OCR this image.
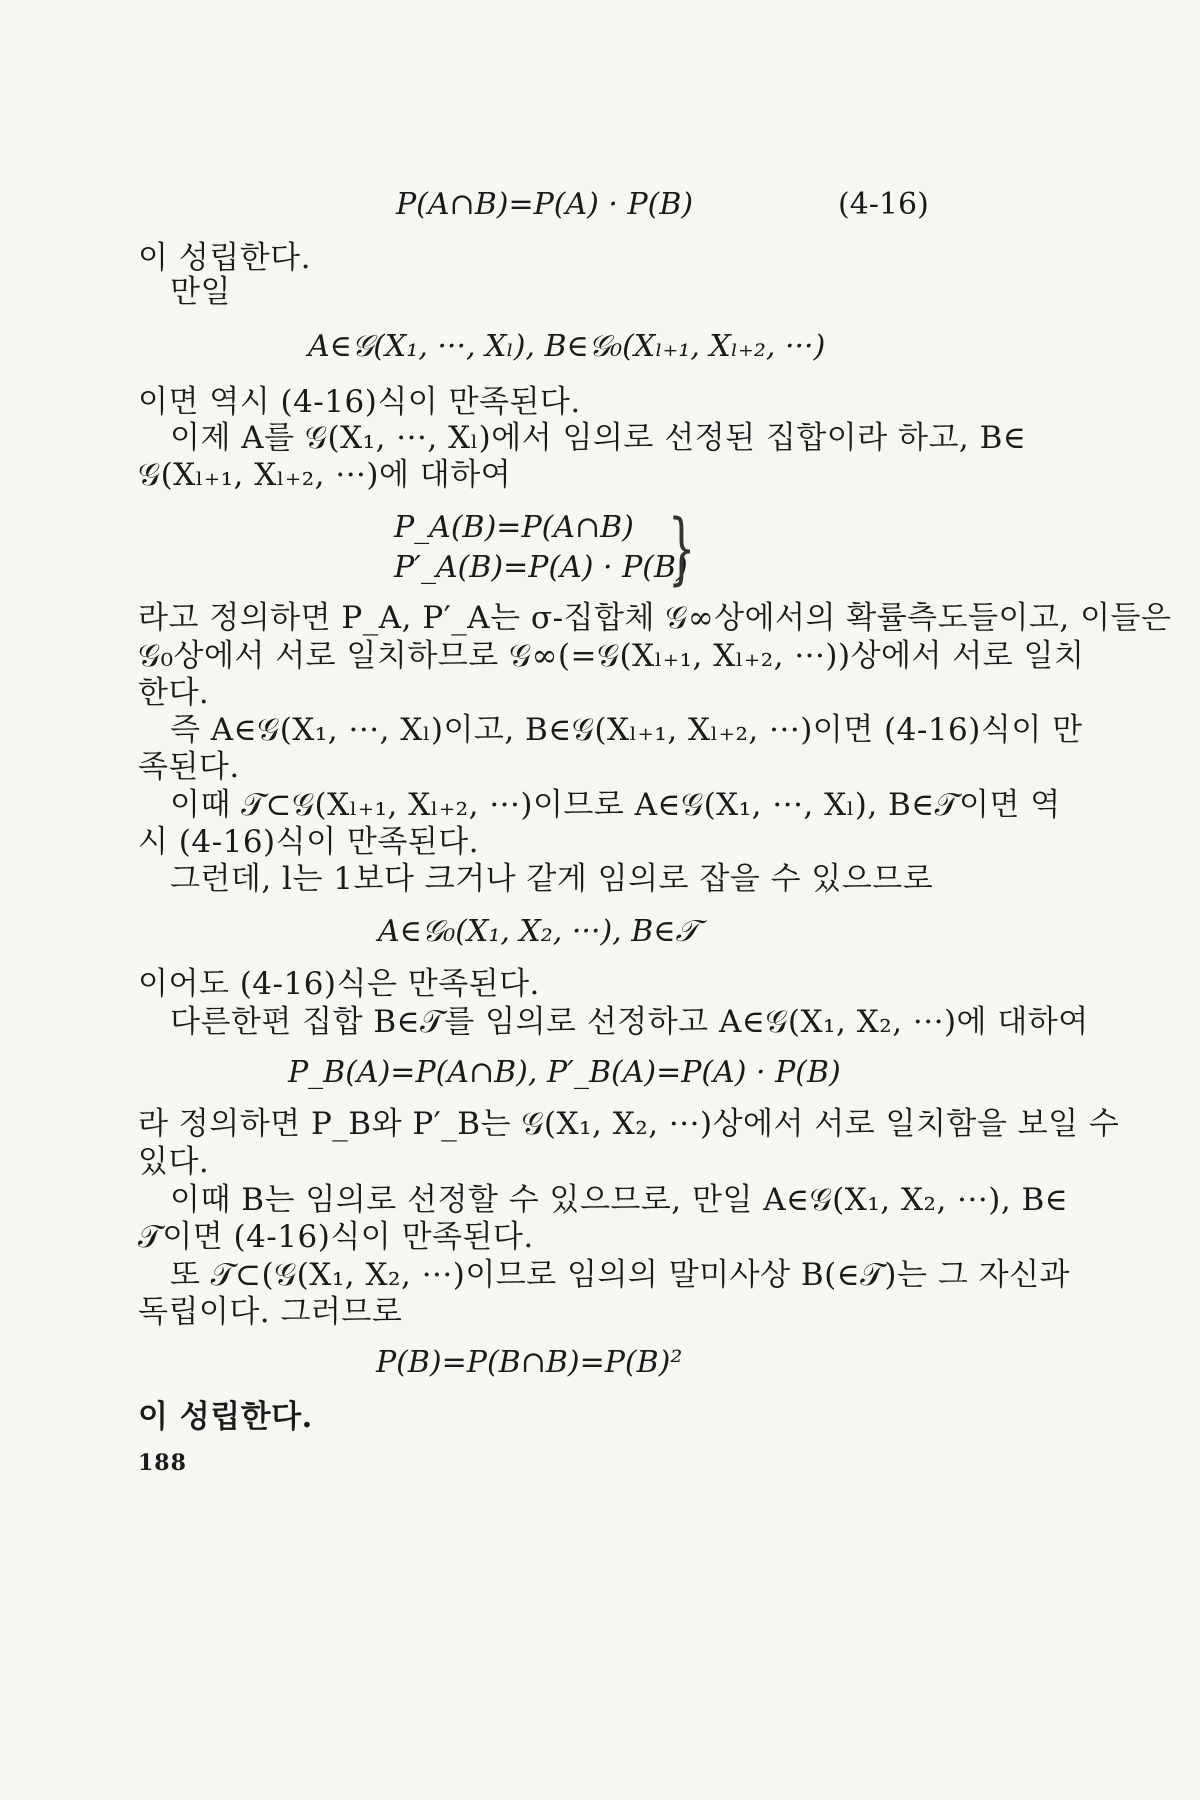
P(A∩B)=P(A) · P(B)	(4-16)
이 성립한다.
만일
A∈𝒢(X₁, ···, Xₗ), B∈𝒢₀(Xₗ₊₁, Xₗ₊₂, ···)
이면 역시 (4-16)식이 만족된다.
이제 A를 𝒢(X₁, ···, Xₗ)에서 임의로 선정된 집합이라 하고, B∈
𝒢(Xₗ₊₁, Xₗ₊₂, ···)에 대하여
P_A(B)=P(A∩B)
P′_A(B)=P(A) · P(B)
}
라고 정의하면 P_A, P′_A는 σ-집합체 𝒢∞상에서의 확률측도들이고, 이들은
𝒢₀상에서 서로 일치하므로 𝒢∞(=𝒢(Xₗ₊₁, Xₗ₊₂, ···))상에서 서로 일치
한다.
즉 A∈𝒢(X₁, ···, Xₗ)이고, B∈𝒢(Xₗ₊₁, Xₗ₊₂, ···)이면 (4-16)식이 만
족된다.
이때 𝒯⊂𝒢(Xₗ₊₁, Xₗ₊₂, ···)이므로 A∈𝒢(X₁, ···, Xₗ), B∈𝒯이면 역
시 (4-16)식이 만족된다.
그런데, l는 1보다 크거나 같게 임의로 잡을 수 있으므로
A∈𝒢₀(X₁, X₂, ···), B∈𝒯
이어도 (4-16)식은 만족된다.
다른한편 집합 B∈𝒯를 임의로 선정하고 A∈𝒢(X₁, X₂, ···)에 대하여
P_B(A)=P(A∩B), P′_B(A)=P(A) · P(B)
라 정의하면 P_B와 P′_B는 𝒢(X₁, X₂, ···)상에서 서로 일치함을 보일 수
있다.
이때 B는 임의로 선정할 수 있으므로, 만일 A∈𝒢(X₁, X₂, ···), B∈
𝒯이면 (4-16)식이 만족된다.
또 𝒯⊂(𝒢(X₁, X₂, ···)이므로 임의의 말미사상 B(∈𝒯)는 그 자신과
독립이다. 그러므로
P(B)=P(B∩B)=P(B)²
이 성립한다.
188
